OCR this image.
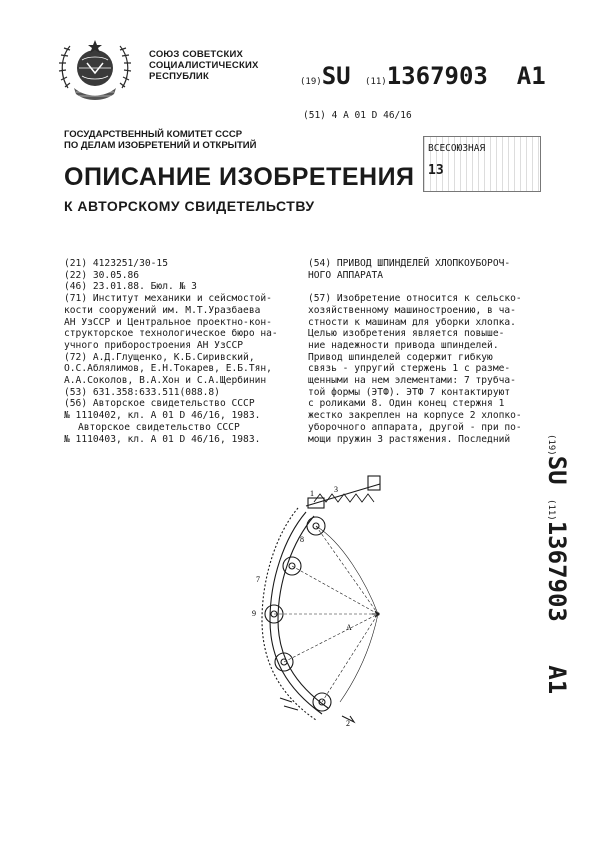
СОЮЗ СОВЕТСКИХ
СОЦИАЛИСТИЧЕСКИХ
РЕСПУБЛИК	(19)SU (11)1367903 A1
(51) 4 A 01 D 46/16
ГОСУДАРСТВЕННЫЙ КОМИТЕТ СССР
ПО ДЕЛАМ ИЗОБРЕТЕНИЙ И ОТКРЫТИЙ	ВСЕСОЮЗНАЯ
13
ОПИСАНИЕ ИЗОБРЕТЕНИЯ
К АВТОРСКОМУ СВИДЕТЕЛЬСТВУ
(21) 4123251/30-15
(22) 30.05.86
(46) 23.01.88. Бюл. № 3
(71) Институт механики и сейсмостой-
кости сооружений им. М.Т.Уразбаева
АН УзССР и Центральное проектно-кон-
структорское технологическое бюро на-
учного приборостроения АН УзССР
(72) А.Д.Глущенко, К.Б.Сиривский,
О.С.Аблялимов, Е.Н.Токарев, Е.Б.Тян,
А.А.Соколов, В.А.Хон и С.А.Щербинин
(53) 631.358:633.511(088.8)
(56) Авторское свидетельство СССР
№ 1110402, кл. А 01 D 46/16, 1983.
Авторское свидетельство СССР
№ 1110403, кл. А 01 D 46/16, 1983.
(54) ПРИВОД ШПИНДЕЛЕЙ ХЛОПКОУБОРОЧ-
НОГО АППАРАТА
(57) Изобретение относится к сельско-
хозяйственному машиностроению, в ча-
стности к машинам для уборки хлопка.
Целью изобретения является повыше-
ние надежности привода шпинделей.
Привод шпинделей содержит гибкую
связь - упругий стержень 1 с разме-
щенными на нем элементами: 7 трубча-
той формы (ЭТФ). ЭТФ 7 контактируют
с роликами 8. Один конец стержня 1
жестко закреплен на корпусе 2 хлопко-
уборочного аппарата, другой - при по-
мощи пружин 3 растяжения. Последний	(19)SU (11)1367903   A1
3
1
7
8
9
A
2
